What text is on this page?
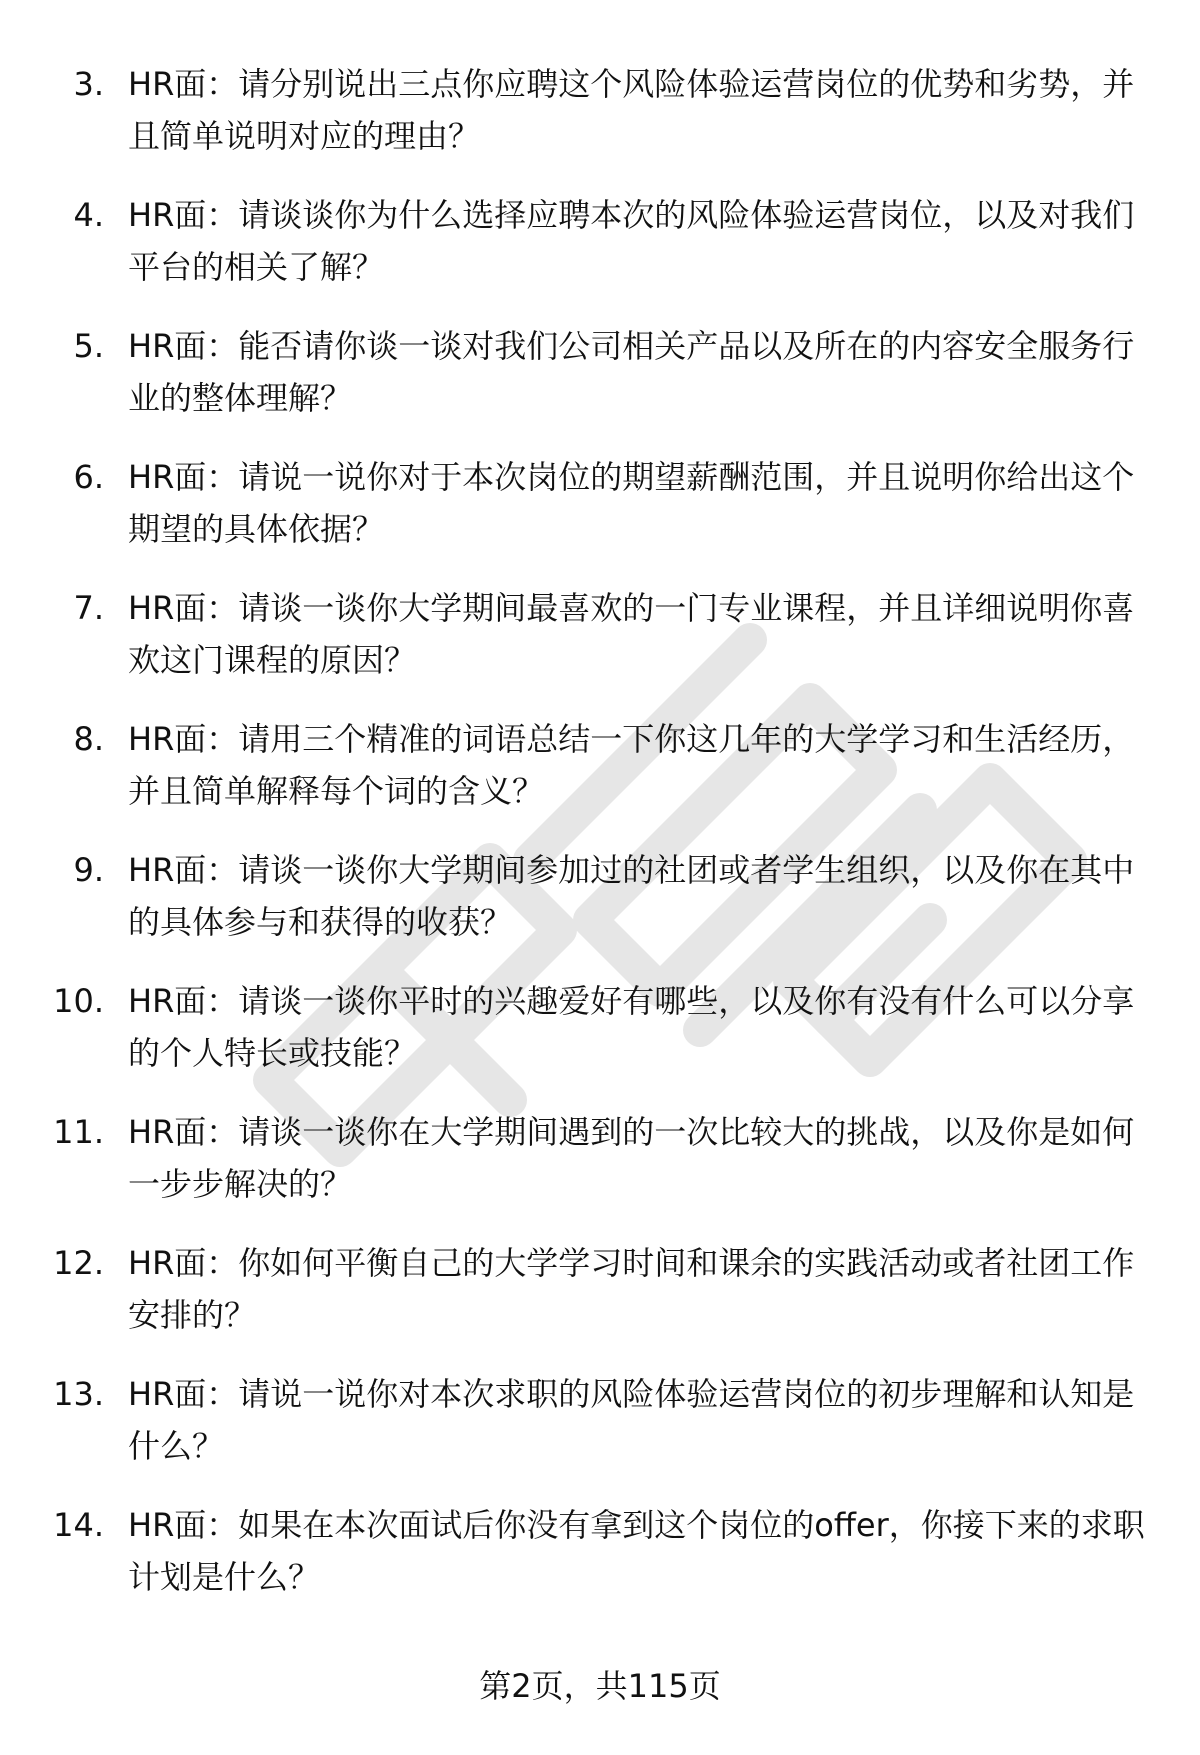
3. HR面：请分别说出三点你应聘这个风险体验运营岗位的优势和劣势，并且简单说明对应的理由？
4. HR面：请谈谈你为什么选择应聘本次的风险体验运营岗位，以及对我们平台的相关了解？
5. HR面：能否请你谈一谈对我们公司相关产品以及所在的内容安全服务行业的整体理解？
6. HR面：请说一说你对于本次岗位的期望薪酬范围，并且说明你给出这个期望的具体依据？
7. HR面：请谈一谈你大学期间最喜欢的一门专业课程，并且详细说明你喜欢这门课程的原因？
8. HR面：请用三个精准的词语总结一下你这几年的大学学习和生活经历，并且简单解释每个词的含义？
9. HR面：请谈一谈你大学期间参加过的社团或者学生组织，以及你在其中的具体参与和获得的收获？
10. HR面：请谈一谈你平时的兴趣爱好有哪些，以及你有没有什么可以分享的个人特长或技能？
11. HR面：请谈一谈你在大学期间遇到的一次比较大的挑战，以及你是如何一步步解决的？
12. HR面：你如何平衡自己的大学学习时间和课余的实践活动或者社团工作安排的？
13. HR面：请说一说你对本次求职的风险体验运营岗位的初步理解和认知是什么？
14. HR面：如果在本次面试后你没有拿到这个岗位的offer，你接下来的求职计划是什么？
第2页，共115页
